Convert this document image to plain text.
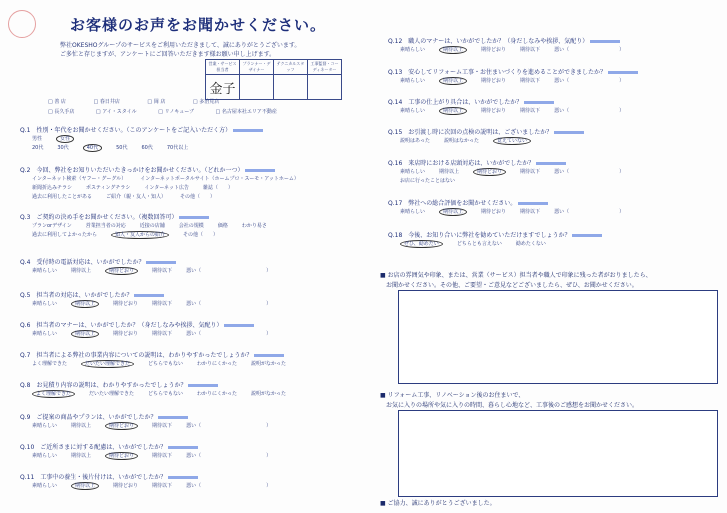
お客様のお声をお聞かせください。
弊社OKESHOグループのサービスをご利用いただきまして、誠にありがとうございます。
ご多忙と存じますが、アンケートにご回答いただきます様お願い申し上げます。
営業・サービス担当者	プランナー・デザイナー	テクニカルスタッフ	工事監督・コーディネーター
金子			
□ 善 店	□ 春日井店	□ 岡 店	□ 多治見店
□ 長久手店	□ アイ・スタイル	□ リノキューブ	□ 名古屋本社エリア不動産
Q.1 性別・年代をお聞かせください。（このアンケートをご記入いただく方）
男性	女性
20代	30代	40代	50代	60代	70代以上
Q.2 今回、弊社をお知りいただいたきっかけをお聞かせください。（どれか一つ）
インターネット検索（ヤフー・グーグル）	インターネットポータルサイト（ホームプロ・スーモ・アットホーム）
新聞折込みチラシ	ポスティングチラシ	インターネット広告	雑誌（　　）
過去に利用したことがある	ご紹介（親・友人・知人）	その他（　　）
Q.3 ご契約の決め手をお聞かせください。（複数回答可）
プランorデザイン	営業担当者の対応	近接の店舗	会社の規模	価格	わかり易さ
過去に利用してよかったから	知人・友人からの紹介	その他（　　）
Q.4 受付時の電話対応は、いかがでしたか？
素晴らしい	期待以上	期待どおり	期待以下	悪い（　　　　　　　　　　　　　）
Q.5 担当者の対応は、いかがでしたか？
素晴らしい	期待以上	期待どおり	期待以下	悪い（　　　　　　　　　　　　　）
Q.6 担当者のマナーは、いかがでしたか？（身だしなみや挨拶、気配り）
素晴らしい	期待以上	期待どおり	期待以下	悪い（　　　　　　　　　　　　　）
Q.7 担当者による弊社の事業内容についての説明は、わかりやすかったでしょうか？
よく理解できた	だいたい理解できた	どちらでもない	わかりにくかった	説明がなかった
Q.8 お見積り内容の説明は、わかりやすかったでしょうか？
よく理解できた	だいたい理解できた	どちらでもない	わかりにくかった	説明がなかった
Q.9 ご提案の商品やプランは、いかがでしたか？
素晴らしい	期待以上	期待どおり	期待以下	悪い（　　　　　　　　　　　　　）
Q.10 ご近所さまに対する配慮は、いかがでしたか？
素晴らしい	期待以上	期待どおり	期待以下	悪い（　　　　　　　　　　　　　）
Q.11 工事中の養生・後片付けは、いかがでしたか？
素晴らしい	期待以上	期待どおり	期待以下	悪い（　　　　　　　　　　　　　）
Q.12 職人のマナーは、いかがでしたか？（身だしなみや挨拶、気配り）
素晴らしい	期待以上	期待どおり	期待以下	悪い（　　　　　　　　　　）
Q.13 安心してリフォーム工事・お住まいづくりを進めることができましたか？
素晴らしい	期待以上	期待どおり	期待以下	悪い（　　　　　　　　　　）
Q.14 工事の仕上がり具合は、いかがでしたか？
素晴らしい	期待以上	期待どおり	期待以下	悪い（　　　　　　　　　　）
Q.15 お引渡し時に次回の点検の説明は、ございましたか？
説明はあった	説明はなかった	覚えていない
Q.16 来店時における店頭対応は、いかがでしたか？
素晴らしい	期待以上	期待どおり	期待以下	悪い（　　　　　　　　　　）
お店に行ったことはない
Q.17 弊社への総合評価をお聞かせください。
素晴らしい	期待以上	期待どおり	期待以下	悪い（　　　　　　　　　　）
Q.18 今後、お知り合いに弊社を勧めていただけますでしょうか？
ぜひ、勧めたい	どちらとも言えない	勧めたくない
■ お店の雰囲気や印象、または、営業（サービス）担当者や職人で印象に残った者がおりましたら、
　お聞かせください。その他、ご要望・ご意見などございましたら、ぜひ、お聞かせください。
■ リフォーム工事、リノベーション後のお住まいで、
　お気に入りの場所や気に入りの時間、暮らし心地など、工事後のご感想をお聞かせください。
■ ご協力、誠にありがとうございました。
